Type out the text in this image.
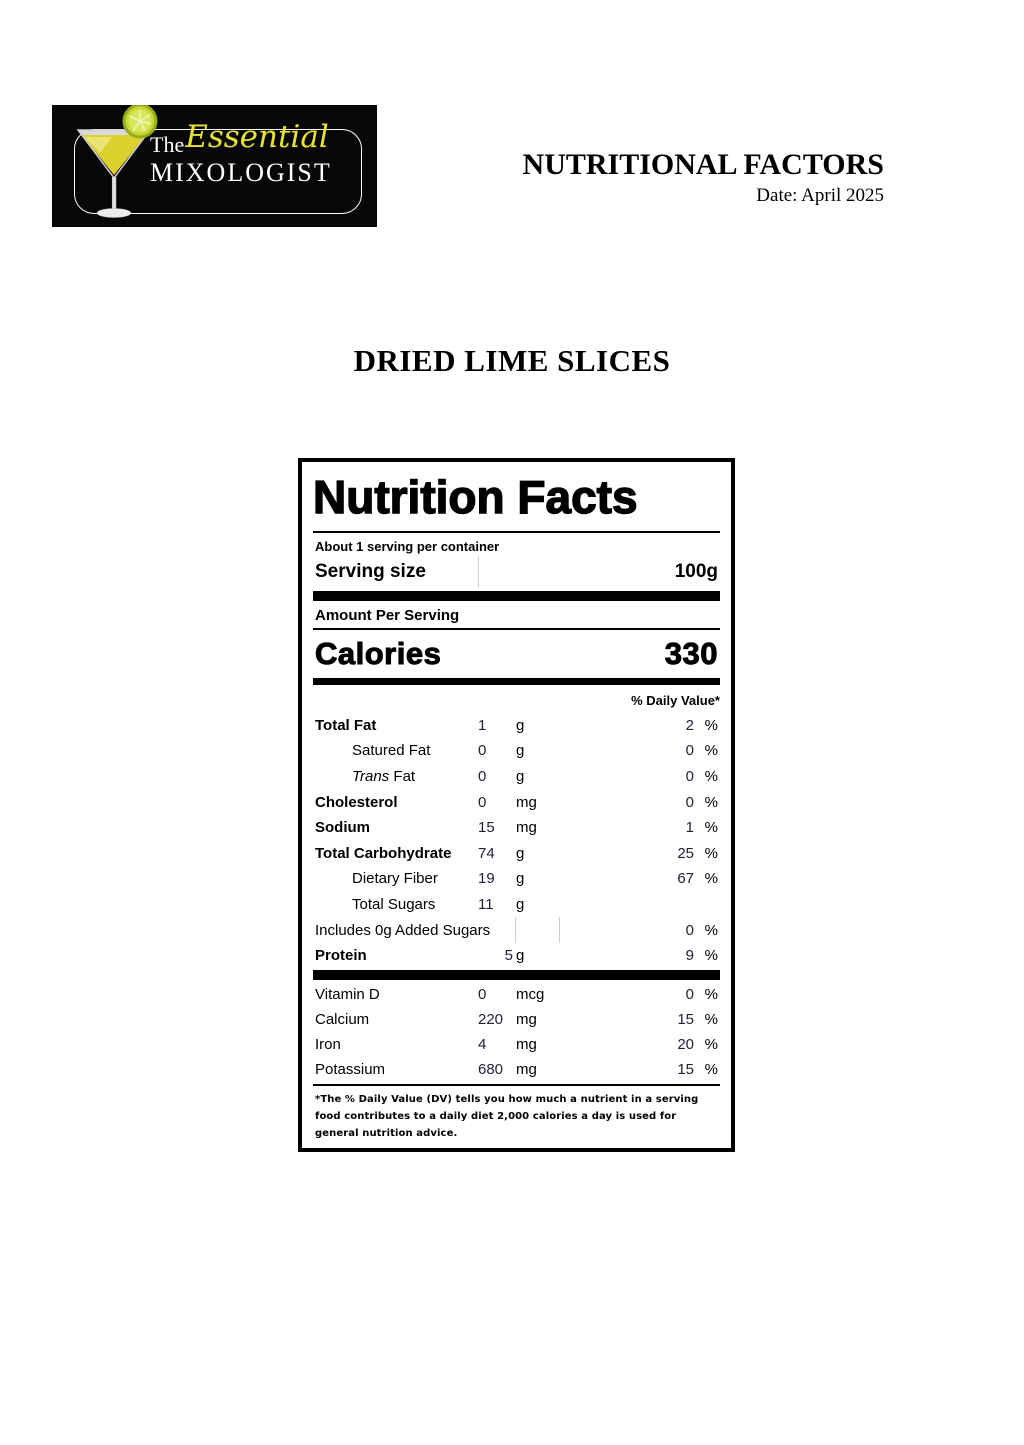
TheEssential
MIXOLOGIST	NUTRITIONAL FACTORS
Date: April 2025
DRIED LIME SLICES
Nutrition Facts
About 1 serving per container
Serving size	100g
Amount Per Serving
Calories	330
% Daily Value*
Total Fat	1	g	2 %
Satured Fat	0	g	0 %
Trans Fat	0	g	0 %
Cholesterol	0	mg	0 %
Sodium	15	mg	1 %
Total Carbohydrate	74	g	25 %
Dietary Fiber	19	g	67 %
Total Sugars	11	g
Includes 0g Added Sugars	0 %
Protein	5 g	9 %
Vitamin D	0	mcg	0 %
Calcium	220 mg	15 %
Iron	4	mg	20 %
Potassium	680 mg	15 %
*The % Daily Value (DV) tells you how much a nutrient in a serving food contributes to a daily diet 2,000 calories a day is used for general nutrition advice.
